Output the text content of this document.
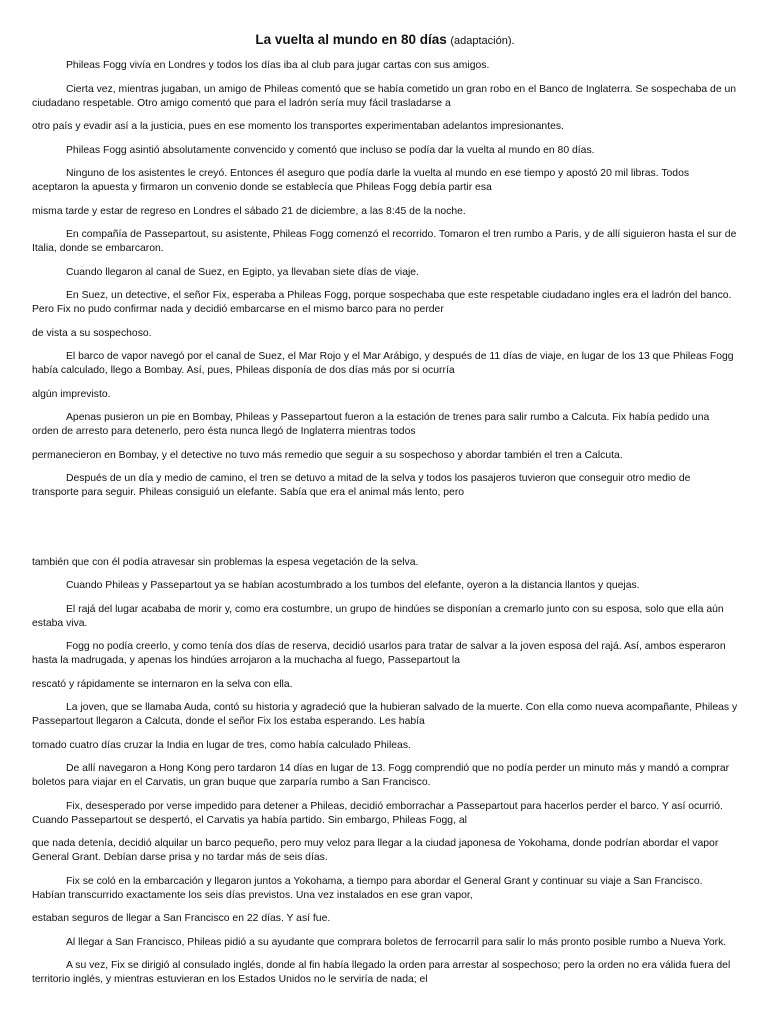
La vuelta al mundo en 80 días (adaptación).

Phileas Fogg vivía en Londres y todos los días iba al club para jugar cartas con sus amigos.

Cierta vez, mientras jugaban, un amigo de Phileas comentó que se había cometido un gran robo en el Banco de Inglaterra. Se sospechaba de un ciudadano respetable. Otro amigo comentó que para el ladrón sería muy fácil trasladarse a

otro país y evadir así a la justicia, pues en ese momento los transportes experimentaban adelantos impresionantes.

Phileas Fogg asintió absolutamente convencido y comentó que incluso se podía dar la vuelta al mundo en 80 días.

Ninguno de los asistentes le creyó. Entonces él aseguro que podía darle la vuelta al mundo en ese tiempo y apostó 20 mil libras. Todos aceptaron la apuesta y firmaron un convenio donde se establecía que Phileas Fogg debía partir esa

misma tarde y estar de regreso en Londres el sábado 21 de diciembre, a las 8:45 de la noche.

En compañía de Passepartout, su asistente, Phileas Fogg comenzó el recorrido. Tomaron el tren rumbo a Paris, y de allí siguieron hasta el sur de Italia, donde se embarcaron.

Cuando llegaron al canal de Suez, en Egipto, ya llevaban siete días de viaje.

En Suez, un detective, el señor Fix, esperaba a Phileas Fogg, porque sospechaba que este respetable ciudadano ingles era el ladrón del banco. Pero Fix no pudo confirmar nada y decidió embarcarse en el mismo barco para no perder

de vista a su sospechoso.

El barco de vapor navegó por el canal de Suez, el Mar Rojo y el Mar Arábigo, y después de 11 días de viaje, en lugar de los 13 que Phileas Fogg había calculado, llego a Bombay. Así, pues, Phileas disponía de dos días más por si ocurría

algún imprevisto.

Apenas pusieron un pie en Bombay, Phileas y Passepartout fueron a la estación de trenes para salir rumbo a Calcuta. Fix había pedido una orden de arresto para detenerlo, pero ésta nunca llegó de Inglaterra mientras todos

permanecieron en Bombay, y el detective no tuvo más remedio que seguir a su sospechoso y abordar también el tren a Calcuta.

Después de un día y medio de camino, el tren se detuvo a mitad de la selva y todos los pasajeros tuvieron que conseguir otro medio de transporte para seguir. Phileas consiguió un elefante. Sabía que era el animal más lento, pero

también que con él podía atravesar sin problemas la espesa vegetación de la selva.

Cuando Phileas y Passepartout ya se habían acostumbrado a los tumbos del elefante, oyeron a la distancia llantos y quejas.

El rajá del lugar acababa de morir y, como era costumbre, un grupo de hindúes se disponían a cremarlo junto con su esposa, solo que ella aún estaba viva.

Fogg no podía creerlo, y como tenía dos días de reserva, decidió usarlos para tratar de salvar a la joven esposa del rajá. Así, ambos esperaron hasta la madrugada, y apenas los hindúes arrojaron a la muchacha al fuego, Passepartout la

rescató y rápidamente se internaron en la selva con ella.

La joven, que se llamaba Auda, contó su historia y agradeció que la hubieran salvado de la muerte. Con ella como nueva acompañante, Phileas y Passepartout llegaron a Calcuta, donde el señor Fix los estaba esperando. Les había

tomado cuatro días cruzar la India en lugar de tres, como había calculado Phileas.

De allí navegaron a Hong Kong pero tardaron 14 días en lugar de 13. Fogg comprendió que no podía perder un minuto más y mandó a comprar boletos para viajar en el Carvatis, un gran buque que zarparía rumbo a San Francisco.

Fix, desesperado por verse impedido para detener a Phileas, decidió emborrachar a Passepartout para hacerlos perder el barco. Y así ocurrió. Cuando Passepartout se despertó, el Carvatis ya había partido. Sin embargo, Phileas Fogg, al

que nada detenía, decidió alquilar un barco pequeño, pero muy veloz para llegar a la ciudad japonesa de Yokohama, donde podrían abordar el vapor General Grant. Debían darse prisa y no tardar más de seis días.

Fix se coló en la embarcación y llegaron juntos a Yokohama, a tiempo para abordar el General Grant y continuar su viaje a San Francisco. Habían transcurrido exactamente los seis días previstos. Una vez instalados en ese gran vapor,

estaban seguros de llegar a San Francisco en 22 días. Y así fue.

Al llegar a San Francisco, Phileas pidió a su ayudante que comprara boletos de ferrocarril para salir lo más pronto posible rumbo a Nueva York.

A su vez, Fix se dirigió al consulado inglés, donde al fin había llegado la orden para arrestar al sospechoso; pero la orden no era válida fuera del territorio inglés, y mientras estuvieran en los Estados Unidos no le serviría de nada; el
